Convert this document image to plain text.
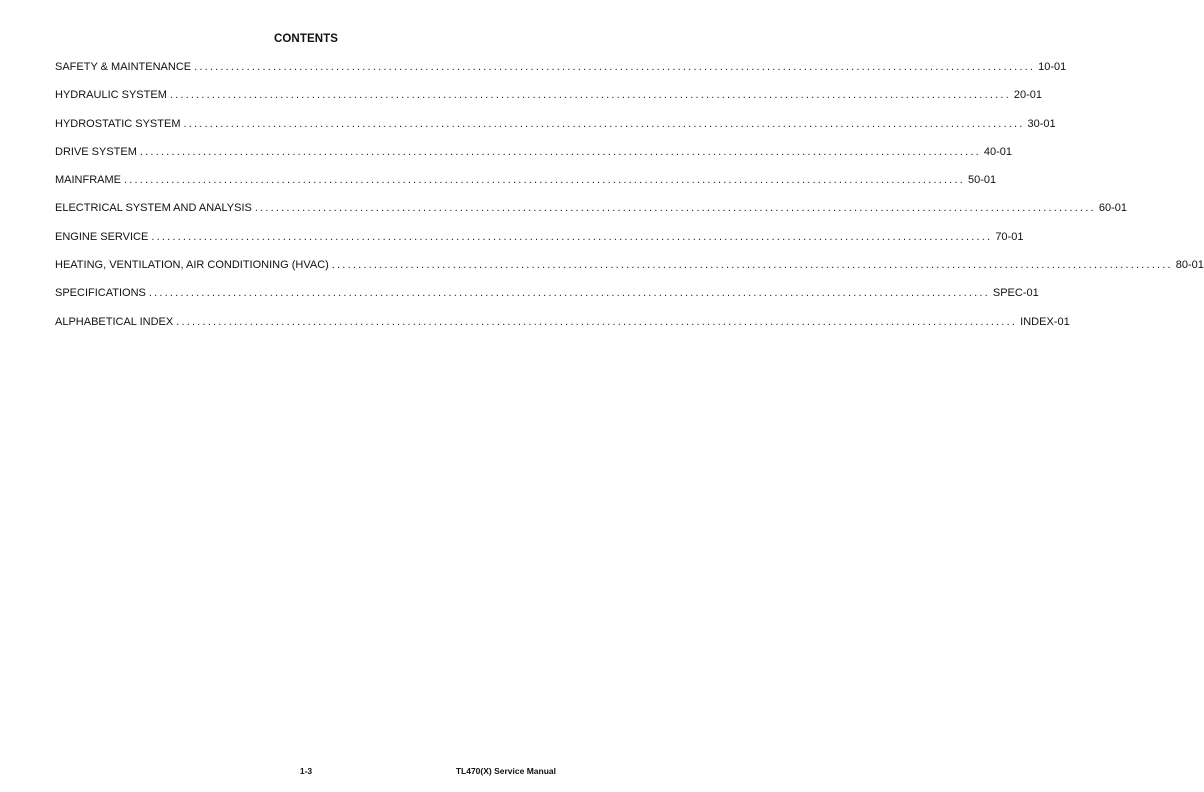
CONTENTS
SAFETY & MAINTENANCE ................................................................................................................................................................ 10-01
HYDRAULIC SYSTEM ................................................................................................................................................................ 20-01
HYDROSTATIC SYSTEM ................................................................................................................................................................ 30-01
DRIVE SYSTEM ................................................................................................................................................................ 40-01
MAINFRAME ................................................................................................................................................................ 50-01
ELECTRICAL SYSTEM AND ANALYSIS ................................................................................................................................................................ 60-01
ENGINE SERVICE ................................................................................................................................................................ 70-01
HEATING, VENTILATION, AIR CONDITIONING (HVAC) ................................................................................................................................................................ 80-01
SPECIFICATIONS ................................................................................................................................................................ SPEC-01
ALPHABETICAL INDEX ................................................................................................................................................................ INDEX-01
1-3	TL470(X) Service Manual
